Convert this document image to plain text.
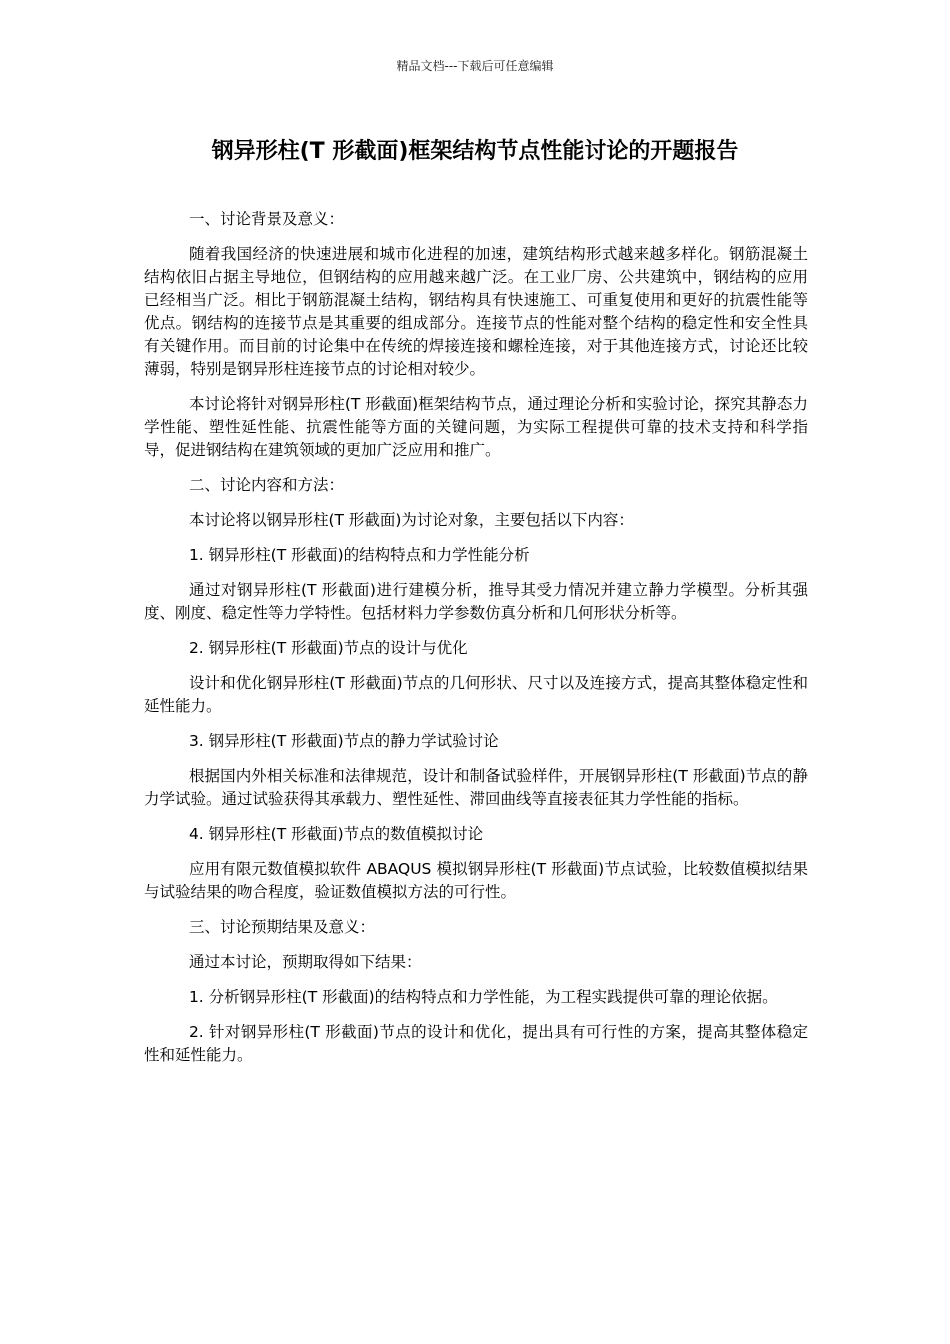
精品文档---下载后可任意编辑
钢异形柱(T 形截面)框架结构节点性能讨论的开题报告

一、讨论背景及意义：

随着我国经济的快速进展和城市化进程的加速，建筑结构形式越来越多样化。钢筋混凝土结构依旧占据主导地位，但钢结构的应用越来越广泛。在工业厂房、公共建筑中，钢结构的应用已经相当广泛。相比于钢筋混凝土结构，钢结构具有快速施工、可重复使用和更好的抗震性能等优点。钢结构的连接节点是其重要的组成部分。连接节点的性能对整个结构的稳定性和安全性具有关键作用。而目前的讨论集中在传统的焊接连接和螺栓连接，对于其他连接方式，讨论还比较薄弱，特别是钢异形柱连接节点的讨论相对较少。

本讨论将针对钢异形柱(T 形截面)框架结构节点，通过理论分析和实验讨论，探究其静态力学性能、塑性延性能、抗震性能等方面的关键问题，为实际工程提供可靠的技术支持和科学指导，促进钢结构在建筑领域的更加广泛应用和推广。

二、讨论内容和方法：

本讨论将以钢异形柱(T 形截面)为讨论对象，主要包括以下内容：

1. 钢异形柱(T 形截面)的结构特点和力学性能分析

通过对钢异形柱(T 形截面)进行建模分析，推导其受力情况并建立静力学模型。分析其强度、刚度、稳定性等力学特性。包括材料力学参数仿真分析和几何形状分析等。

2. 钢异形柱(T 形截面)节点的设计与优化

设计和优化钢异形柱(T 形截面)节点的几何形状、尺寸以及连接方式，提高其整体稳定性和延性能力。

3. 钢异形柱(T 形截面)节点的静力学试验讨论

根据国内外相关标准和法律规范，设计和制备试验样件，开展钢异形柱(T 形截面)节点的静力学试验。通过试验获得其承载力、塑性延性、滞回曲线等直接表征其力学性能的指标。

4. 钢异形柱(T 形截面)节点的数值模拟讨论

应用有限元数值模拟软件 ABAQUS 模拟钢异形柱(T 形截面)节点试验，比较数值模拟结果与试验结果的吻合程度，验证数值模拟方法的可行性。

三、讨论预期结果及意义：

通过本讨论，预期取得如下结果：

1. 分析钢异形柱(T 形截面)的结构特点和力学性能，为工程实践提供可靠的理论依据。

2. 针对钢异形柱(T 形截面)节点的设计和优化，提出具有可行性的方案，提高其整体稳定性和延性能力。
